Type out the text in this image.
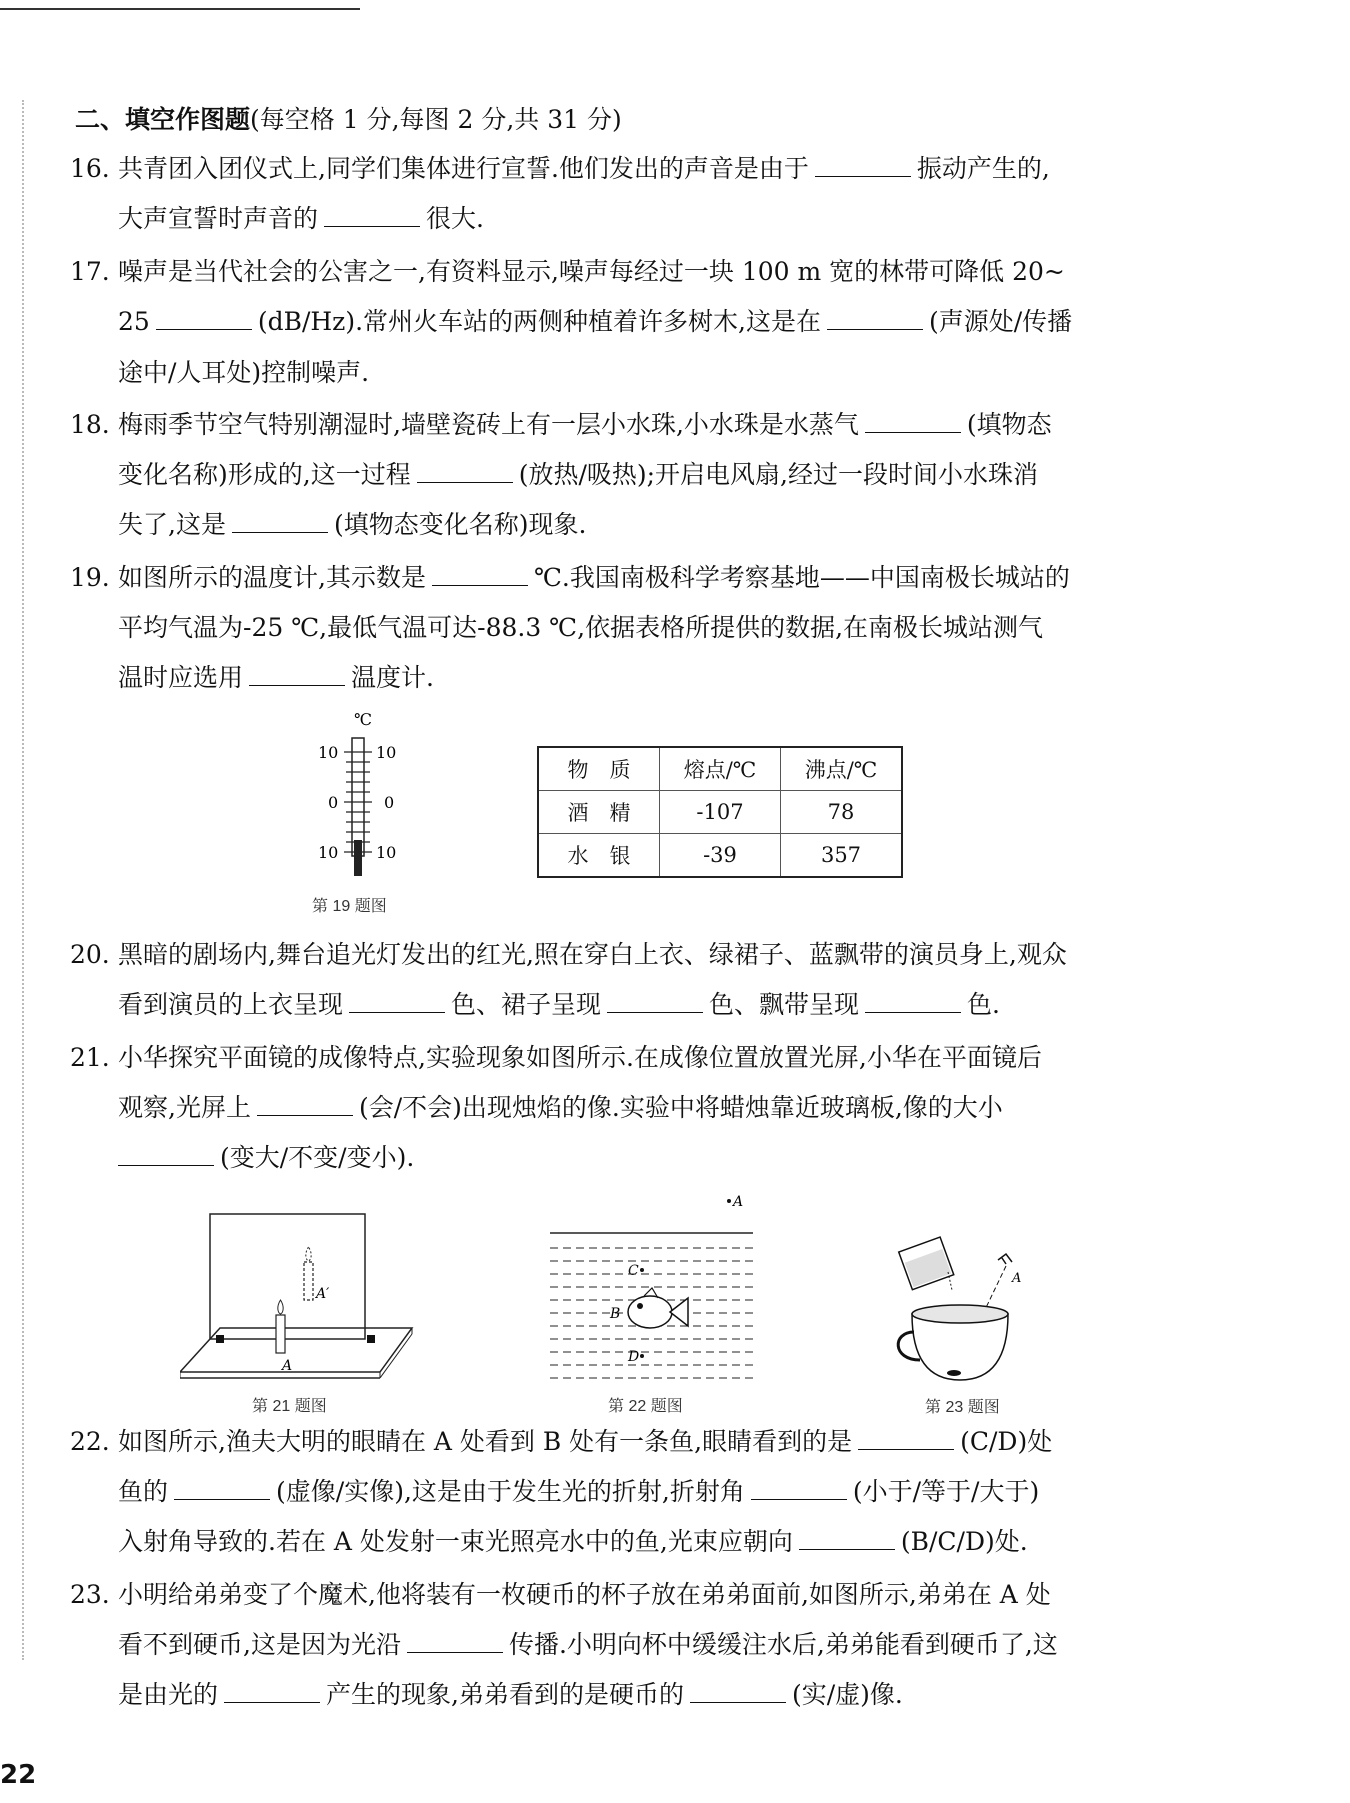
二、填空作图题(每空格 1 分,每图 2 分,共 31 分)
16. 共青团入团仪式上,同学们集体进行宣誓.他们发出的声音是由于	振动产生的,
大声宣誓时声音的	很大.
17. 噪声是当代社会的公害之一,有资料显示,噪声每经过一块 100 m 宽的林带可降低 20~
25	(dB/Hz).常州火车站的两侧种植着许多树木,这是在	(声源处/传播
途中/人耳处)控制噪声.
18. 梅雨季节空气特别潮湿时,墙壁瓷砖上有一层小水珠,小水珠是水蒸气	(填物态
变化名称)形成的,这一过程	(放热/吸热);开启电风扇,经过一段时间小水珠消
失了,这是	(填物态变化名称)现象.
19. 如图所示的温度计,其示数是	℃.我国南极科学考察基地——中国南极长城站的
平均气温为-25 ℃,最低气温可达-88.3 ℃,依据表格所提供的数据,在南极长城站测气
温时应选用	温度计.
℃
10
0
10
10
0
10
第 19 题图
物　质	熔点/℃	沸点/℃
酒　精	-107	78
水　银	-39	357
20. 黑暗的剧场内,舞台追光灯发出的红光,照在穿白上衣、绿裙子、蓝飘带的演员身上,观众
看到演员的上衣呈现	色、裙子呈现	色、飘带呈现	色.
21. 小华探究平面镜的成像特点,实验现象如图所示.在成像位置放置光屏,小华在平面镜后
观察,光屏上	(会/不会)出现烛焰的像.实验中将蜡烛靠近玻璃板,像的大小
(变大/不变/变小).
A
A′
第 21 题图
A
C
B
D
第 22 题图
A
第 23 题图
22. 如图所示,渔夫大明的眼睛在 A 处看到 B 处有一条鱼,眼睛看到的是	(C/D)处
鱼的	(虚像/实像),这是由于发生光的折射,折射角	(小于/等于/大于)
入射角导致的.若在 A 处发射一束光照亮水中的鱼,光束应朝向	(B/C/D)处.
23. 小明给弟弟变了个魔术,他将装有一枚硬币的杯子放在弟弟面前,如图所示,弟弟在 A 处
看不到硬币,这是因为光沿	传播.小明向杯中缓缓注水后,弟弟能看到硬币了,这
是由光的	产生的现象,弟弟看到的是硬币的	(实/虚)像.
22
